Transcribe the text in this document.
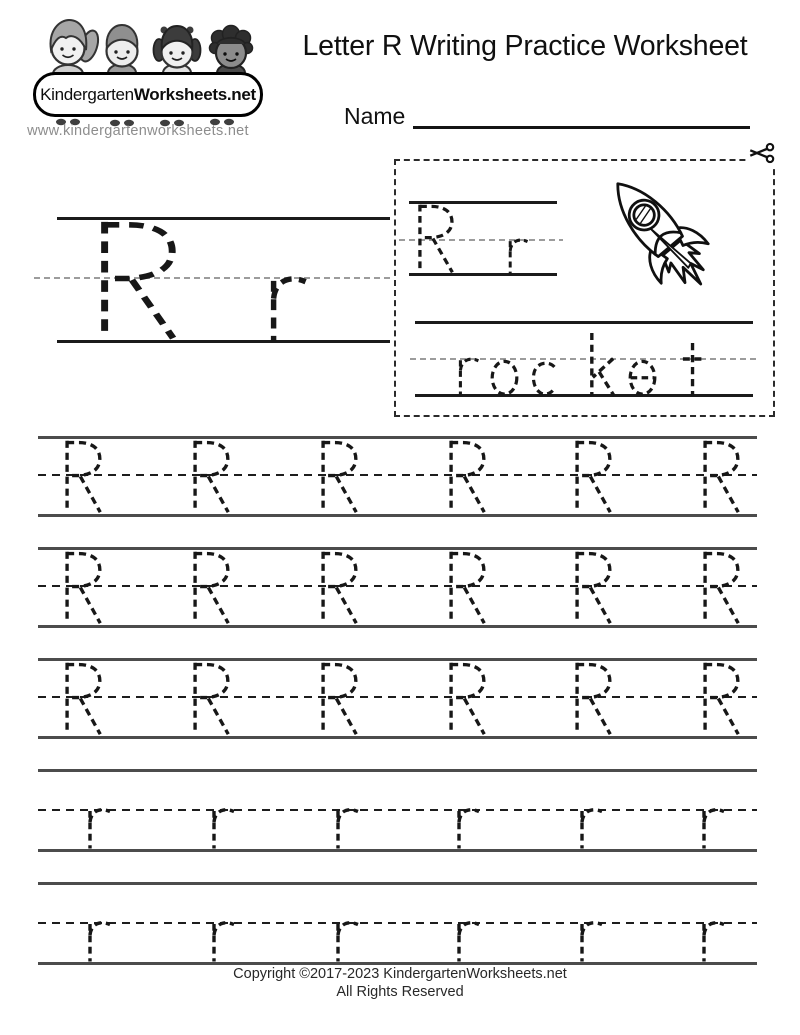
KindergartenWorksheets.net
www.kindergartenworksheets.net
Letter R Writing Practice Worksheet
Name
Copyright ©2017-2023 KindergartenWorksheets.net
All Rights Reserved
